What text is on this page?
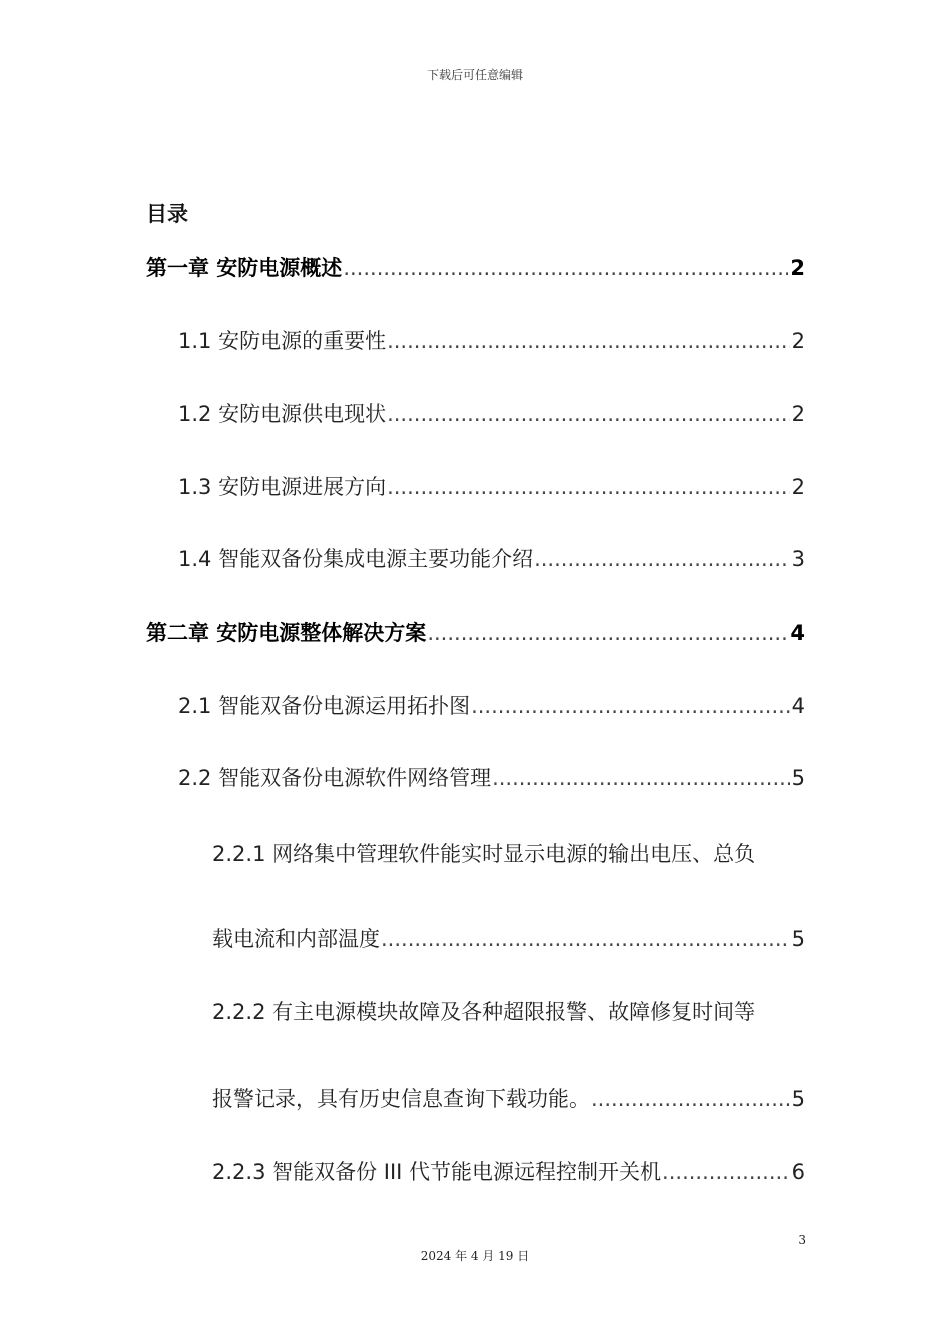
下载后可任意编辑
目录
第一章 安防电源概述 .....	2
1.1 安防电源的重要性 .....	2
1.2 安防电源供电现状 .....	2
1.3 安防电源进展方向 .....	2
1.4 智能双备份集成电源主要功能介绍 .....	3
第二章 安防电源整体解决方案 .....	4
2.1 智能双备份电源运用拓扑图 .....	4
2.2 智能双备份电源软件网络管理 .....	5
2.2.1 网络集中管理软件能实时显示电源的输出电压、总负
载电流和内部温度 .....	5
2.2.2 有主电源模块故障及各种超限报警、故障修复时间等
报警记录，具有历史信息查询下载功能。 .....	5
2.2.3 智能双备份 III 代节能电源远程控制开关机 .....	6
3
2024 年 4 月 19 日
